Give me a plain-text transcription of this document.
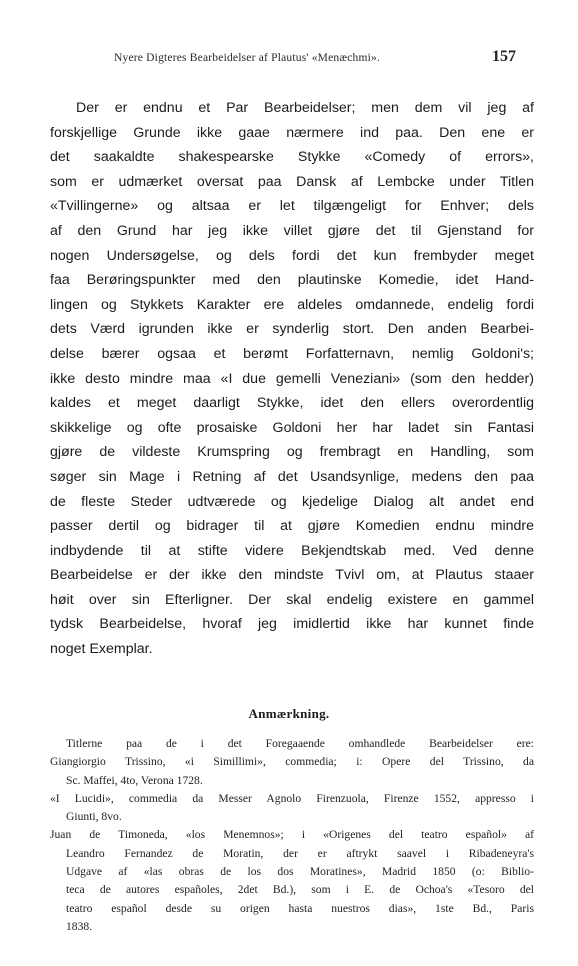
Nyere Digteres Bearbeidelser af Plautus' «Menæchmi».	157
Der er endnu et Par Bearbeidelser; men dem vil jeg af
forskjellige Grunde ikke gaae nærmere ind paa. Den ene er
det saakaldte shakespearske Stykke «Comedy of errors»,
som er udmærket oversat paa Dansk af Lembcke under Titlen
«Tvillingerne» og altsaa er let tilgængeligt for Enhver; dels
af den Grund har jeg ikke villet gjøre det til Gjenstand for
nogen Undersøgelse, og dels fordi det kun frembyder meget
faa Berøringspunkter med den plautinske Komedie, idet Hand-
lingen og Stykkets Karakter ere aldeles omdannede, endelig fordi
dets Værd igrunden ikke er synderlig stort. Den anden Bearbei-
delse bærer ogsaa et berømt Forfatternavn, nemlig Goldoni's;
ikke desto mindre maa «I due gemelli Veneziani» (som den hedder)
kaldes et meget daarligt Stykke, idet den ellers overordentlig
skikkelige og ofte prosaiske Goldoni her har ladet sin Fantasi
gjøre de vildeste Krumspring og frembragt en Handling, som
søger sin Mage i Retning af det Usandsynlige, medens den paa
de fleste Steder udtværede og kjedelige Dialog alt andet end
passer dertil og bidrager til at gjøre Komedien endnu mindre
indbydende til at stifte videre Bekjendtskab med. Ved denne
Bearbeidelse er der ikke den mindste Tvivl om, at Plautus staaer
høit over sin Efterligner. Der skal endelig existere en gammel
tydsk Bearbeidelse, hvoraf jeg imidlertid ikke har kunnet finde
noget Exemplar.
Anmærkning.
Titlerne paa de i det Foregaaende omhandlede Bearbeidelser ere:
Giangiorgio Trissino, «i Simillimi», commedia; i: Opere del Trissino, da
Sc. Maffei, 4to, Verona 1728.
«I Lucidi», commedia da Messer Agnolo Firenzuola, Firenze 1552, appresso i
Giunti, 8vo.
Juan de Timoneda, «los Menemnos»; i «Origenes del teatro español» af
Leandro Fernandez de Moratin, der er aftrykt saavel i Ribadeneyra's
Udgave af «las obras de los dos Moratines», Madrid 1850 (o: Biblio-
teca de autores españoles, 2det Bd.), som i E. de Ochoa's «Tesoro del
teatro español desde su origen hasta nuestros dias», 1ste Bd., Paris
1838.
